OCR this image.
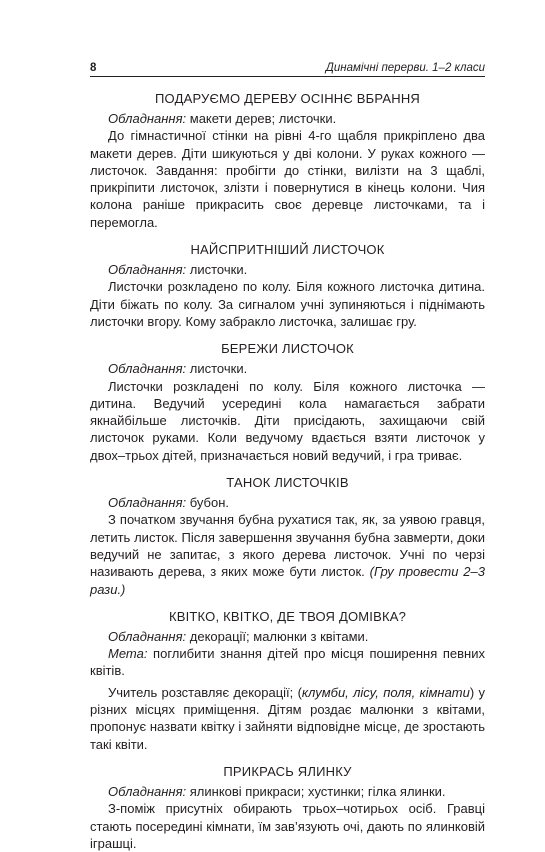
8	Динамічні перерви. 1–2 класи
ПОДАРУЄМО ДЕРЕВУ ОСІННЄ ВБРАННЯ

Обладнання: макети дерев; листочки.

До гімнастичної стінки на рівні 4-го щабля прикріплено два макети дерев. Діти шикуються у дві колони. У руках кожного — листочок. Завдання: пробігти до стінки, вилізти на 3 щаблі, прикріпити листочок, злізти і повернутися в кінець колони. Чия колона раніше прикрасить своє деревце листочками, та і перемогла.

НАЙСПРИТНІШИЙ ЛИСТОЧОК

Обладнання: листочки.

Листочки розкладено по колу. Біля кожного листочка дитина. Діти біжать по колу. За сигналом учні зупиняються і піднімають листочки вгору. Кому забракло листочка, залишає гру.

БЕРЕЖИ ЛИСТОЧОК

Обладнання: листочки.

Листочки розкладені по колу. Біля кожного листочка — дитина. Ведучий усередині кола намагається забрати якнайбільше листочків. Діти присідають, захищаючи свій листочок руками. Коли ведучому вдається взяти листочок у двох–трьох дітей, призначається новий ведучий, і гра триває.

ТАНОК ЛИСТОЧКІВ

Обладнання: бубон.

З початком звучання бубна рухатися так, як, за уявою гравця, летить листок. Після завершення звучання бубна завмерти, доки ведучий не запитає, з якого дерева листочок. Учні по черзі називають дерева, з яких може бути листок. (Гру провести 2–3 рази.)

КВІТКО, КВІТКО, ДЕ ТВОЯ ДОМІВКА?

Обладнання: декорації; малюнки з квітами.

Мета: поглибити знання дітей про місця поширення певних квітів.

Учитель розставляє декорації; (клумби, лісу, поля, кімнати) у різних місцях приміщення. Дітям роздає малюнки з квітами, пропонує назвати квітку і зайняти відповідне місце, де зростають такі квіти.

ПРИКРАСЬ ЯЛИНКУ

Обладнання: ялинкові прикраси; хустинки; гілка ялинки.

З-поміж присутніх обирають трьох–чотирьох осіб. Гравці стають посередині кімнати, їм зав’язують очі, дають по ялинковій іграшці.
